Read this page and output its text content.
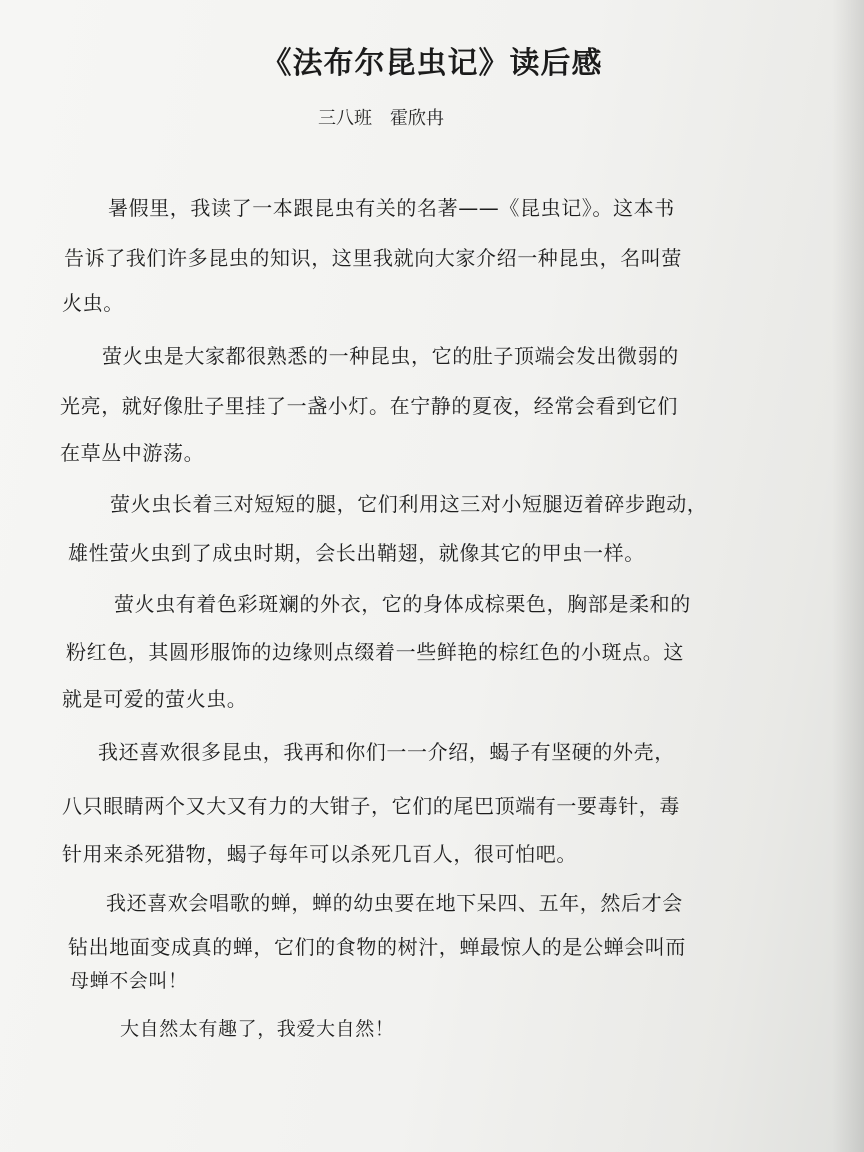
《法布尔昆虫记》读后感
三八班　霍欣冉
暑假里，我读了一本跟昆虫有关的名著——《昆虫记》。这本书
告诉了我们许多昆虫的知识，这里我就向大家介绍一种昆虫，名叫萤
火虫。
萤火虫是大家都很熟悉的一种昆虫，它的肚子顶端会发出微弱的
光亮，就好像肚子里挂了一盏小灯。在宁静的夏夜，经常会看到它们
在草丛中游荡。
萤火虫长着三对短短的腿，它们利用这三对小短腿迈着碎步跑动，
雄性萤火虫到了成虫时期，会长出鞘翅，就像其它的甲虫一样。
萤火虫有着色彩斑斓的外衣，它的身体成棕栗色，胸部是柔和的
粉红色，其圆形服饰的边缘则点缀着一些鲜艳的棕红色的小斑点。这
就是可爱的萤火虫。
我还喜欢很多昆虫，我再和你们一一介绍，蝎子有坚硬的外壳，
八只眼睛两个又大又有力的大钳子，它们的尾巴顶端有一要毒针，毒
针用来杀死猎物，蝎子每年可以杀死几百人，很可怕吧。
我还喜欢会唱歌的蝉，蝉的幼虫要在地下呆四、五年，然后才会
钻出地面变成真的蝉，它们的食物的树汁，蝉最惊人的是公蝉会叫而
母蝉不会叫！
大自然太有趣了，我爱大自然！
